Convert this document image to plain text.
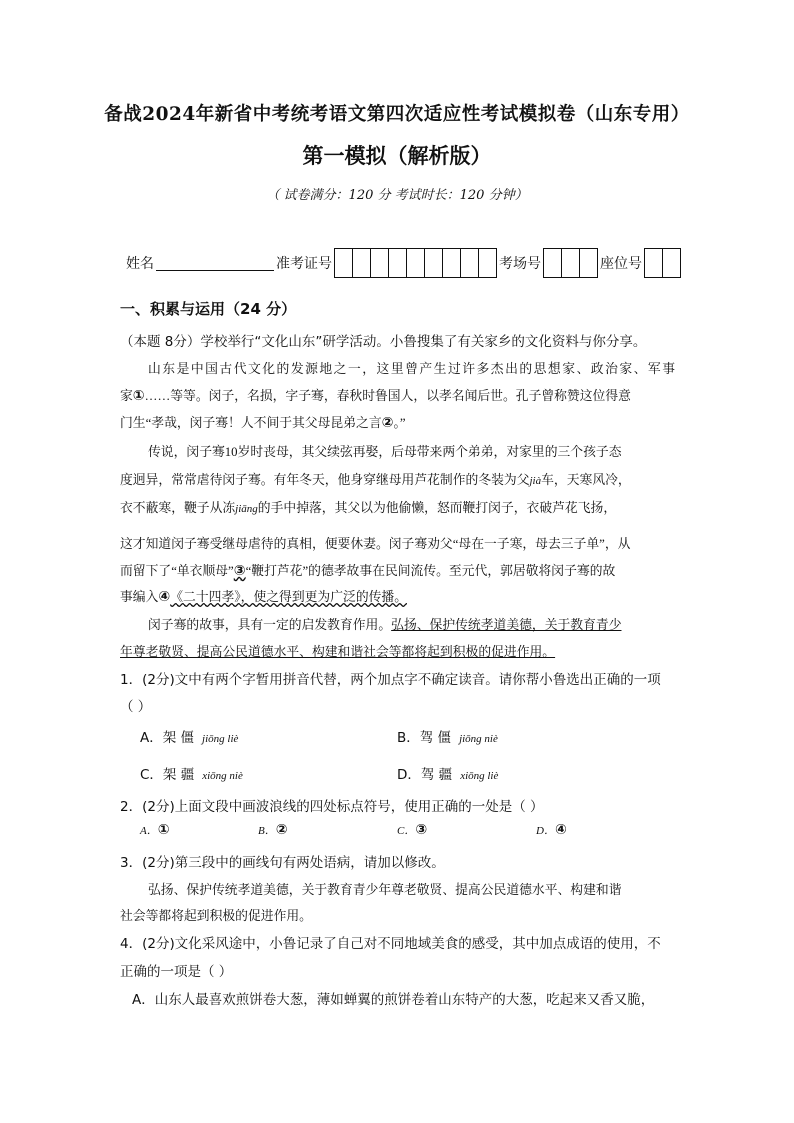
备战2024年新省中考统考语文第四次适应性考试模拟卷（山东专用）
第一模拟（解析版）
（ 试卷满分：120 分 考试时长：120 分钟）
姓名	准考证号	考场号	座位号
一、积累与运用（24 分）
（本题 8分）学校举行“文化山东”研学活动。小鲁搜集了有关家乡的文化资料与你分享。
山东是中国古代文化的发源地之一，这里曾产生过许多杰出的思想家、政治家、军事
家①……等等。闵子，名损，字子骞，春秋时鲁国人，以孝名闻后世。孔子曾称赞这位得意
门生“孝哉，闵子骞！人不间于其父母昆弟之言②。”
传说，闵子骞10岁时丧母，其父续弦再娶，后母带来两个弟弟，对家里的三个孩子态
度迥异，常常虐待闵子骞。有年冬天，他身穿继母用芦花制作的冬装为父jià车，天寒风冷，
衣不蔽寒，鞭子从冻jiāng的手中掉落，其父以为他偷懒，怒而鞭打闵子，衣破芦花飞扬，
这才知道闵子骞受继母虐待的真相，便要休妻。闵子骞劝父“母在一子寒，母去三子单”，从
而留下了“单衣顺母”③“鞭打芦花”的德孝故事在民间流传。至元代，郭居敬将闵子骞的故
事编入④《二十四孝》，使之得到更为广泛的传播。
闵子骞的故事，具有一定的启发教育作用。弘扬、保护传统孝道美德，关于教育青少
年尊老敬贤、提高公民道德水平、构建和谐社会等都将起到积极的促进作用。
1．(2分)文中有两个字暂用拼音代替，两个加点字不确定读音。请你帮小鲁选出正确的一项
（ ）
A．架 僵 jiōng liè	B．驾 僵 jiōng niè
C．架 疆 xiōng niè	D．驾 疆 xiōng liè
2．(2分)上面文段中画波浪线的四处标点符号，使用正确的一处是（ ）
A．①	B．②	C．③	D．④
3．(2分)第三段中的画线句有两处语病，请加以修改。
弘扬、保护传统孝道美德，关于教育青少年尊老敬贤、提高公民道德水平、构建和谐
社会等都将起到积极的促进作用。
4．(2分)文化采风途中，小鲁记录了自己对不同地域美食的感受，其中加点成语的使用，不
正确的一项是（ ）
A．山东人最喜欢煎饼卷大葱，薄如蝉翼的煎饼卷着山东特产的大葱，吃起来又香又脆，
